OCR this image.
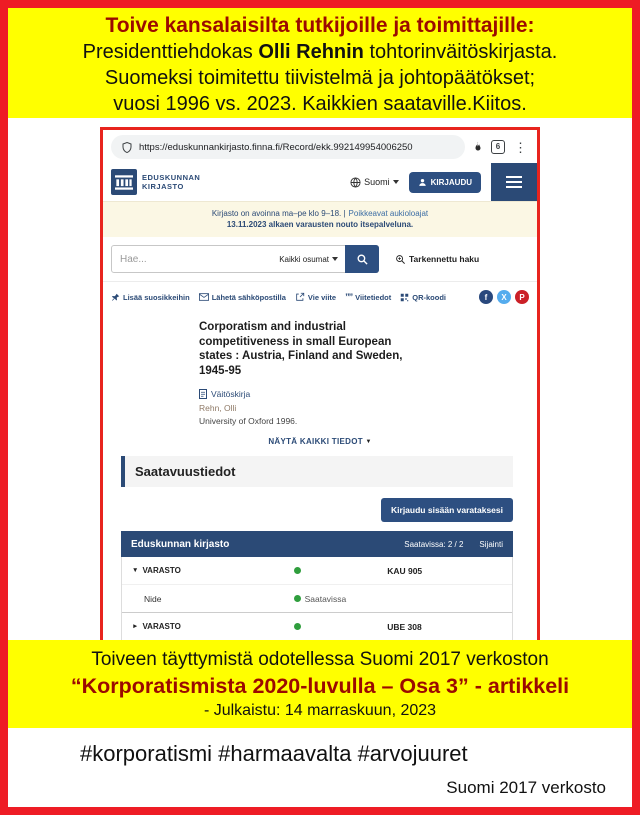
Toive kansalaisilta tutkijoille ja toimittajille:
Presidenttiehdokas Olli Rehnin tohtorinväitöskirjasta.
Suomeksi toimitettu tiivistelmä ja johtopäätökset;
vuosi 1996 vs. 2023. Kaikkien saataville.Kiitos.
https://eduskunnankirjasto.finna.fi/Record/ekk.992149954006250	6	⋮
EDUSKUNNAN
KIRJASTO	Suomi	KIRJAUDU
Kirjasto on avoinna ma–pe klo 9–18. | Poikkeavat aukioloajat
13.11.2023 alkaen varausten nouto itsepalveluna.
Hae...
Kaikki osumat	Tarkennettu haku
Lisää suosikkeihin	Lähetä sähköpostilla	Vie viite ”” Viitetiedot	QR-koodi	f	X	P
Corporatism and industrial competitiveness in small European states : Austria, Finland and Sweden, 1945-95
Väitöskirja
Rehn, Olli
University of Oxford 1996.
NÄYTÄ KAIKKI TIEDOT ▼
Saatavuustiedot
Kirjaudu sisään varataksesi
Eduskunnan kirjasto	Saatavissa: 2 / 2 Sijainti
▼ VARASTO	KAU 905
Nide	Saatavissa
► VARASTO	UBE 308
Toiveen täyttymistä odotellessa Suomi 2017 verkoston
“Korporatismista 2020-luvulla – Osa 3” - artikkeli
- Julkaistu: 14 marraskuun, 2023
#korporatismi #harmaavalta #arvojuuret
Suomi 2017 verkosto
